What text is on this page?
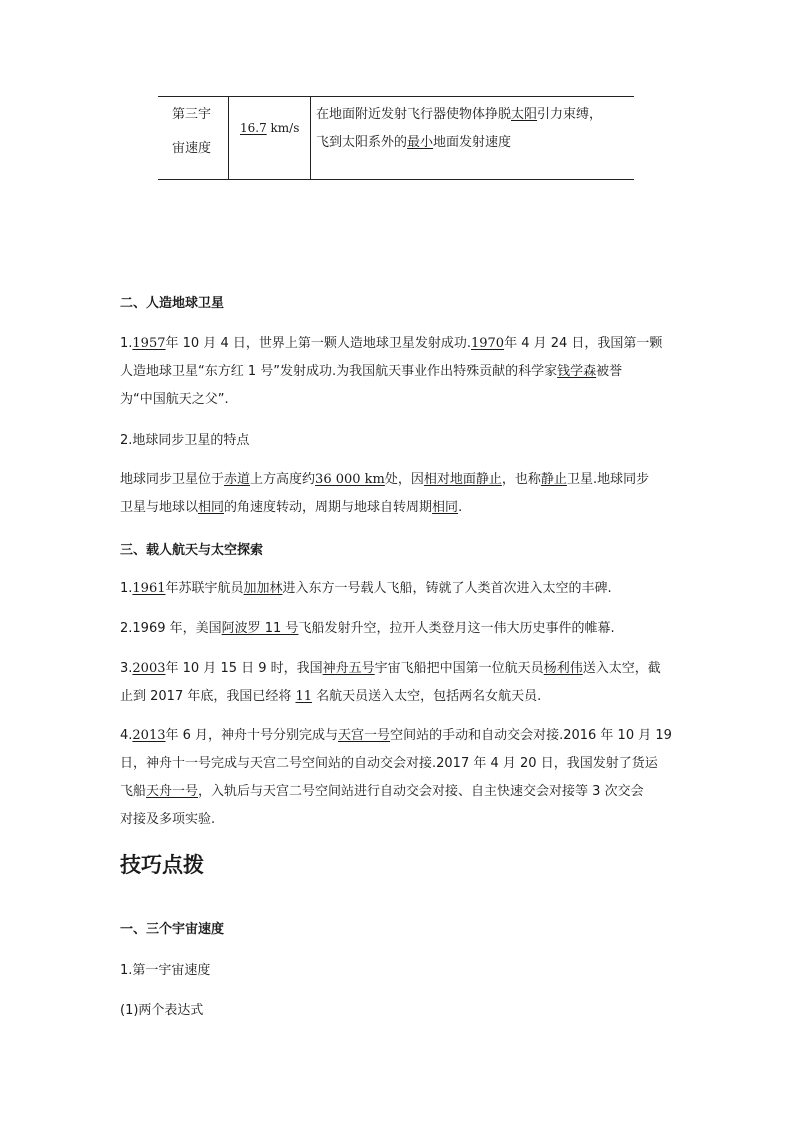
第三宇
宙速度
16.7 km/s
在地面附近发射飞行器使物体挣脱太阳引力束缚，
飞到太阳系外的最小地面发射速度
二、人造地球卫星
1.1957年 10 月 4 日，世界上第一颗人造地球卫星发射成功.1970年 4 月 24 日，我国第一颗
人造地球卫星“东方红 1 号”发射成功.为我国航天事业作出特殊贡献的科学家钱学森被誉
为“中国航天之父”.
2.地球同步卫星的特点
地球同步卫星位于赤道上方高度约36 000 km处，因相对地面静止，也称静止卫星.地球同步
卫星与地球以相同的角速度转动，周期与地球自转周期相同.
三、载人航天与太空探索
1.1961年苏联宇航员加加林进入东方一号载人飞船，铸就了人类首次进入太空的丰碑.
2.1969 年，美国阿波罗 11 号飞船发射升空，拉开人类登月这一伟大历史事件的帷幕.
3.2003年 10 月 15 日 9 时，我国神舟五号宇宙飞船把中国第一位航天员杨利伟送入太空，截
止到 2017 年底，我国已经将 11 名航天员送入太空，包括两名女航天员.
4.2013年 6 月，神舟十号分别完成与天宫一号空间站的手动和自动交会对接.2016 年 10 月 19
日，神舟十一号完成与天宫二号空间站的自动交会对接.2017 年 4 月 20 日，我国发射了货运
飞船天舟一号，入轨后与天宫二号空间站进行自动交会对接、自主快速交会对接等 3 次交会
对接及多项实验.
技巧点拨
一、三个宇宙速度
1.第一宇宙速度
(1)两个表达式
